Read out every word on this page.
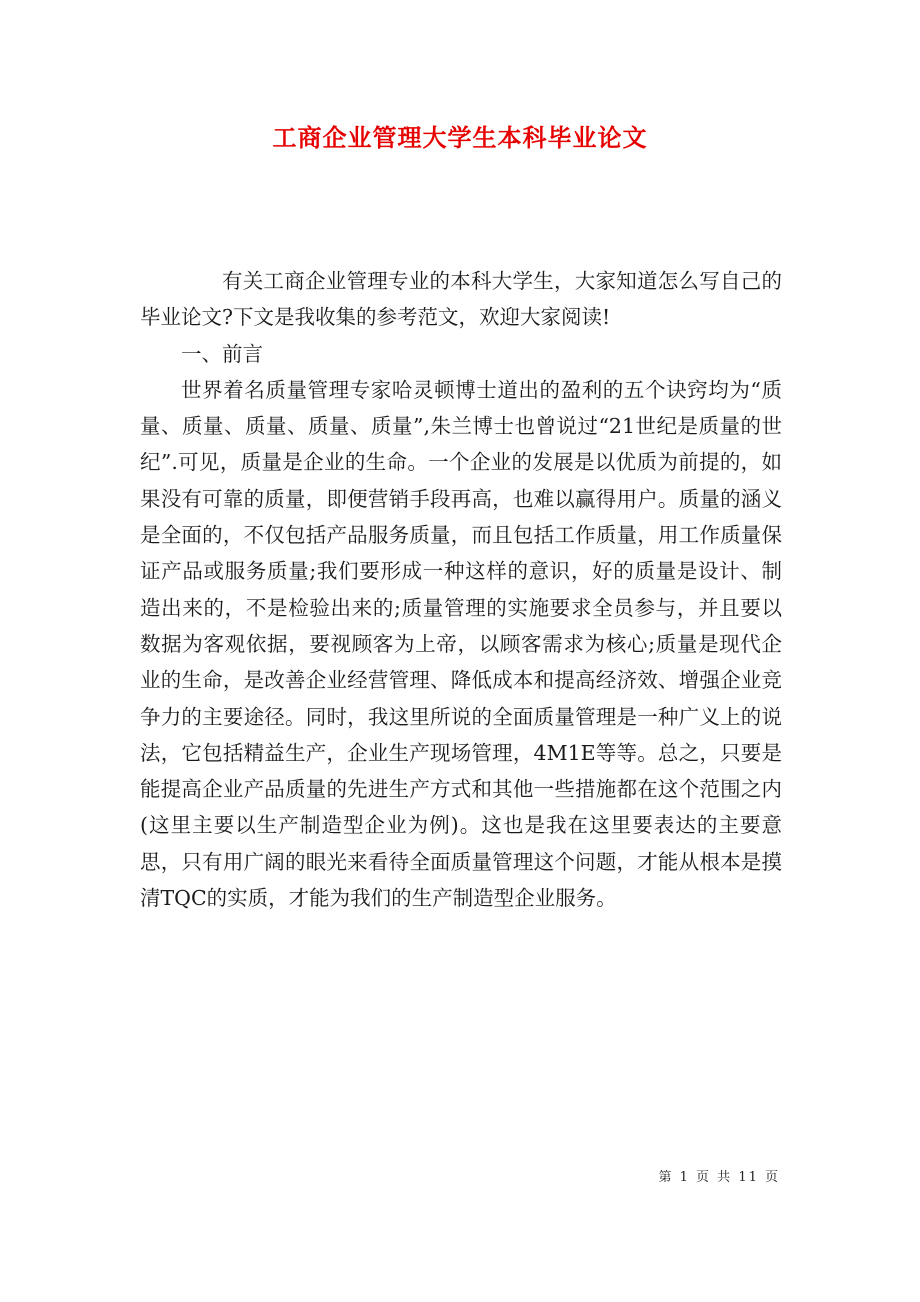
工商企业管理大学生本科毕业论文

有关工商企业管理专业的本科大学生，大家知道怎么写自己的毕业论文?下文是我收集的参考范文，欢迎大家阅读!

一、前言

世界着名质量管理专家哈灵顿博士道出的盈利的五个诀窍均为“质量、质量、质量、质量、质量”,朱兰博士也曾说过“21世纪是质量的世纪”.可见，质量是企业的生命。一个企业的发展是以优质为前提的，如果没有可靠的质量，即便营销手段再高，也难以赢得用户。质量的涵义是全面的，不仅包括产品服务质量，而且包括工作质量，用工作质量保证产品或服务质量;我们要形成一种这样的意识，好的质量是设计、制造出来的，不是检验出来的;质量管理的实施要求全员参与，并且要以数据为客观依据，要视顾客为上帝，以顾客需求为核心;质量是现代企业的生命，是改善企业经营管理、降低成本和提高经济效、增强企业竞争力的主要途径。同时，我这里所说的全面质量管理是一种广义上的说法，它包括精益生产，企业生产现场管理，4M1E等等。总之，只要是能提高企业产品质量的先进生产方式和其他一些措施都在这个范围之内(这里主要以生产制造型企业为例)。这也是我在这里要表达的主要意思，只有用广阔的眼光来看待全面质量管理这个问题，才能从根本是摸清TQC的实质，才能为我们的生产制造型企业服务。

第 1 页 共 11 页
